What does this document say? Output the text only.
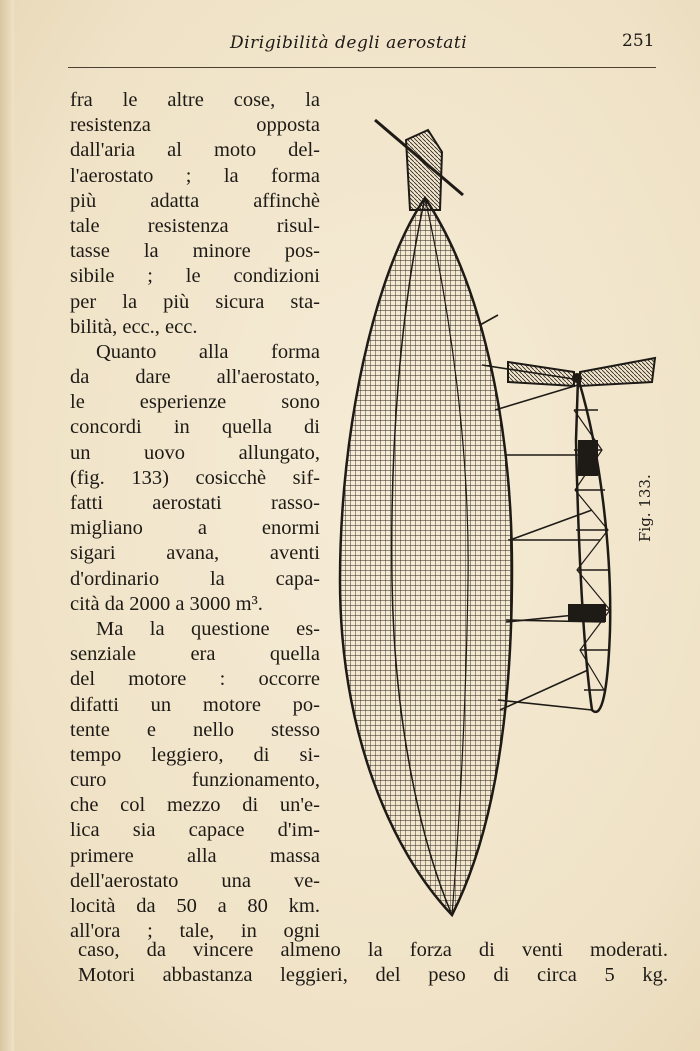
Dirigibilità degli aerostati	251
fra le altre cose, la
resistenza opposta
dall'aria al moto del-
l'aerostato ; la forma
più adatta affinchè
tale resistenza risul-
tasse la minore pos-
sibile ; le condizioni
per la più sicura sta-
bilità, ecc., ecc.
Quanto alla forma
da dare all'aerostato,
le esperienze sono
concordi in quella di
un uovo allungato,
(fig. 133) cosicchè sif-
fatti aerostati rasso-
migliano a enormi
sigari avana, aventi
d'ordinario la capa-
cità da 2000 a 3000 m³.
Ma la questione es-
senziale era quella
del motore : occorre
difatti un motore po-
tente e nello stesso
tempo leggiero, di si-
curo funzionamento,
che col mezzo di un'e-
lica sia capace d'im-
primere alla massa
dell'aerostato una ve-
locità da 50 a 80 km.
all'ora ; tale, in ogni
caso, da vincere almeno la forza di venti moderati.
Motori abbastanza leggieri, del peso di circa 5 kg.
Fig. 133.
